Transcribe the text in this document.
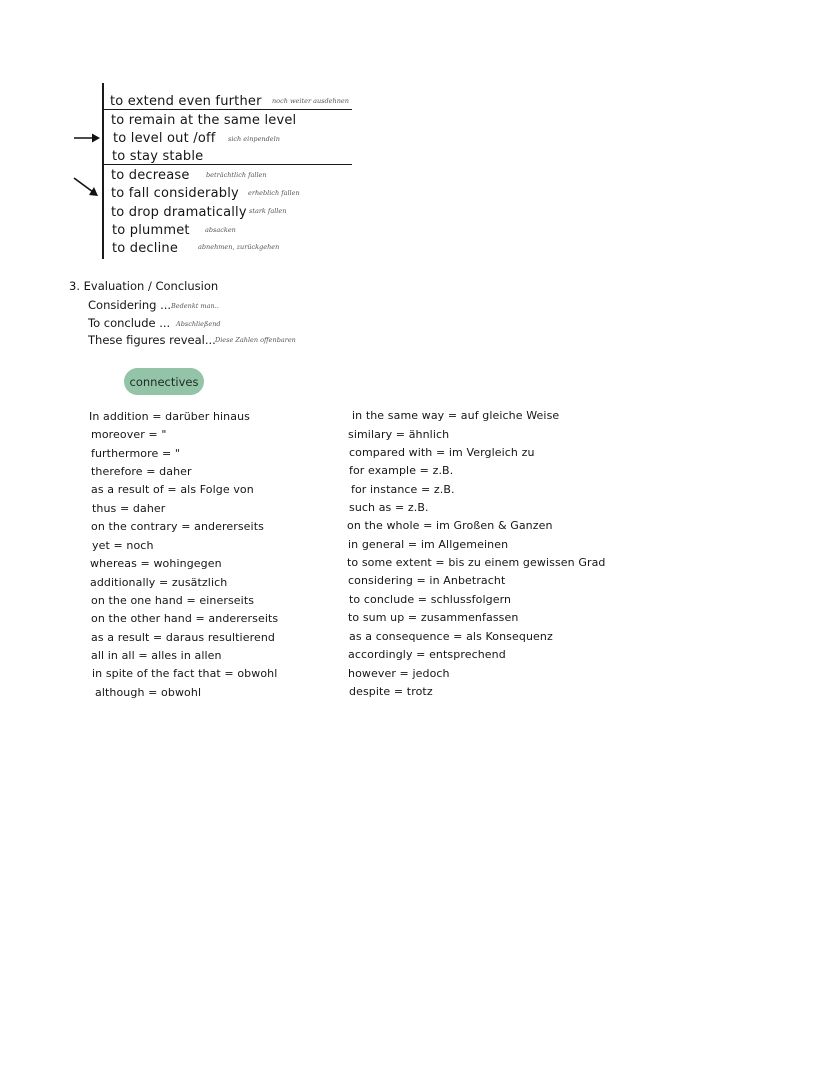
to extend even further noch weiter ausdehnen
to remain at the same level
to level out /off sich einpendeln
to stay stable
to decrease	beträchtlich fallen
to fall considerably erheblich fallen
to drop dramatically stark fallen
to plummet absacken
to decline	abnehmen, zurückgehen
3. Evaluation / Conclusion
Considering ... Bedenkt man..
To conclude ... Abschließend
These figures reveal... Diese Zahlen offenbaren
connectives
In addition = darüber hinaus
moreover = "
furthermore = "
therefore = daher
as a result of = als Folge von
thus = daher
on the contrary = andererseits
yet = noch
whereas = wohingegen
additionally = zusätzlich
on the one hand = einerseits
on the other hand = andererseits
as a result = daraus resultierend
all in all = alles in allen
in spite of the fact that = obwohl
although = obwohl
in the same way = auf gleiche Weise
similary = ähnlich
compared with = im Vergleich zu
for example = z.B.
for instance = z.B.
such as = z.B.
on the whole = im Großen & Ganzen
in general = im Allgemeinen
to some extent = bis zu einem gewissen Grad
considering = in Anbetracht
to conclude = schlussfolgern
to sum up = zusammenfassen
as a consequence = als Konsequenz
accordingly = entsprechend
however = jedoch
despite = trotz
